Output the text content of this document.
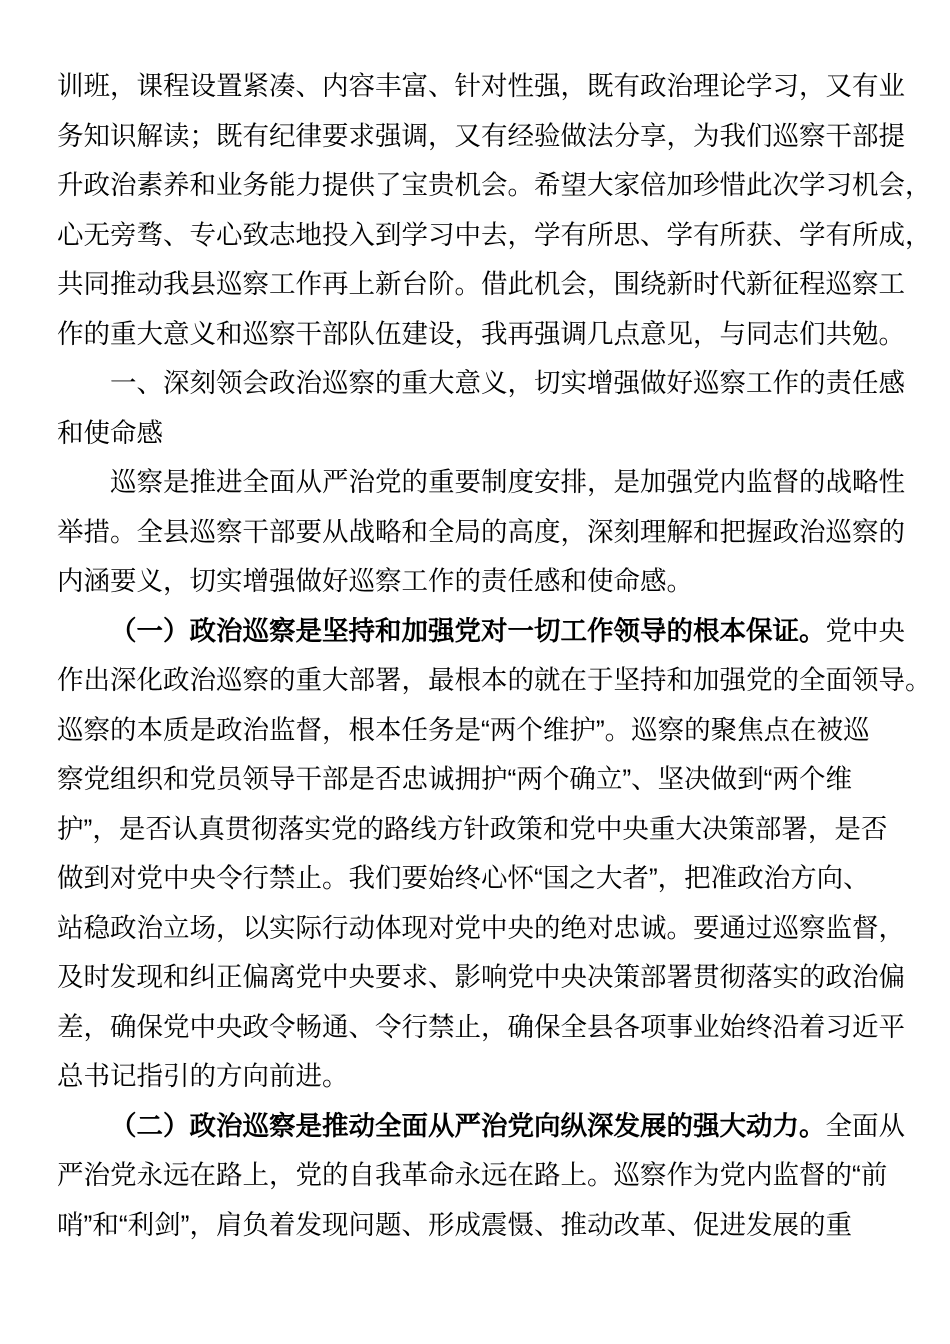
训班，课程设置紧凑、内容丰富、针对性强，既有政治理论学习，又有业
务知识解读；既有纪律要求强调，又有经验做法分享，为我们巡察干部提
升政治素养和业务能力提供了宝贵机会。希望大家倍加珍惜此次学习机会，
心无旁骛、专心致志地投入到学习中去，学有所思、学有所获、学有所成，
共同推动我县巡察工作再上新台阶。借此机会，围绕新时代新征程巡察工
作的重大意义和巡察干部队伍建设，我再强调几点意见，与同志们共勉。
一、深刻领会政治巡察的重大意义，切实增强做好巡察工作的责任感
和使命感
巡察是推进全面从严治党的重要制度安排，是加强党内监督的战略性
举措。全县巡察干部要从战略和全局的高度，深刻理解和把握政治巡察的
内涵要义，切实增强做好巡察工作的责任感和使命感。
（一）政治巡察是坚持和加强党对一切工作领导的根本保证。党中央
作出深化政治巡察的重大部署，最根本的就在于坚持和加强党的全面领导。
巡察的本质是政治监督，根本任务是“两个维护”。巡察的聚焦点在被巡
察党组织和党员领导干部是否忠诚拥护“两个确立”、坚决做到“两个维
护”，是否认真贯彻落实党的路线方针政策和党中央重大决策部署，是否
做到对党中央令行禁止。我们要始终心怀“国之大者”，把准政治方向、
站稳政治立场，以实际行动体现对党中央的绝对忠诚。要通过巡察监督，
及时发现和纠正偏离党中央要求、影响党中央决策部署贯彻落实的政治偏
差，确保党中央政令畅通、令行禁止，确保全县各项事业始终沿着习近平
总书记指引的方向前进。
（二）政治巡察是推动全面从严治党向纵深发展的强大动力。全面从
严治党永远在路上，党的自我革命永远在路上。巡察作为党内监督的“前
哨”和“利剑”，肩负着发现问题、形成震慑、推动改革、促进发展的重
